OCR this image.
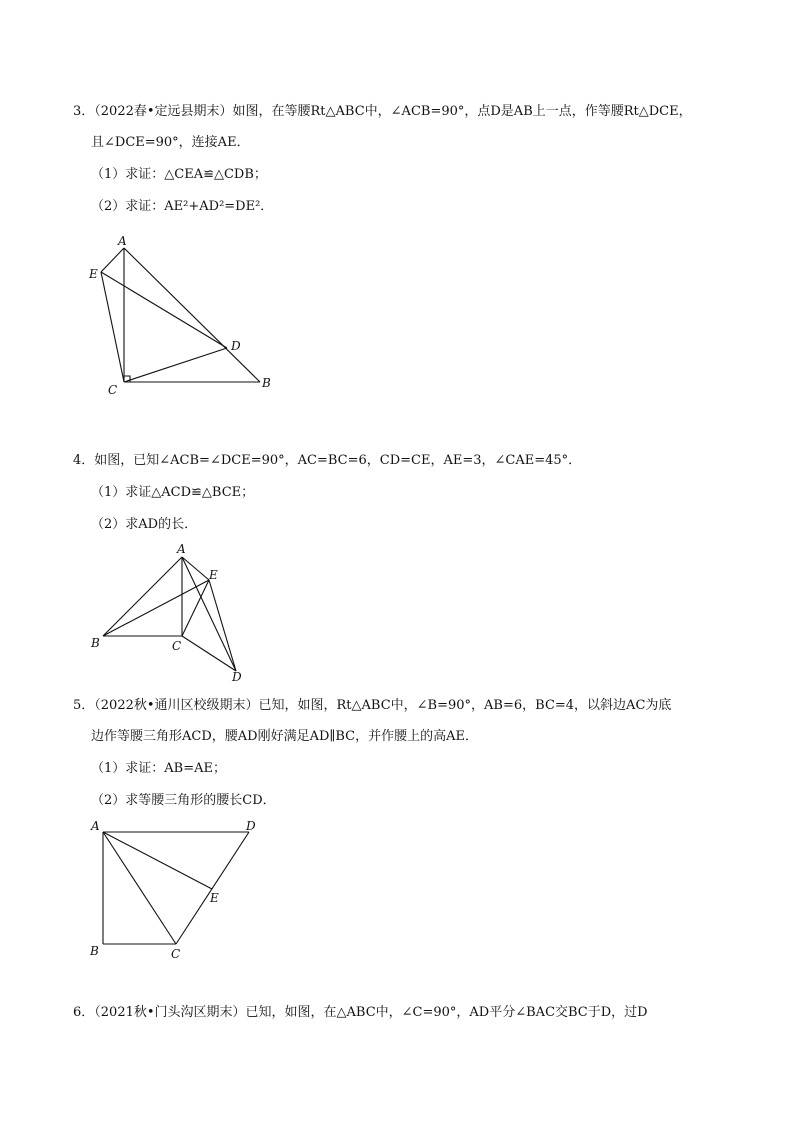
3．（2022春•定远县期末）如图，在等腰Rt△ABC中，∠ACB=90°，点D是AB上一点，作等腰Rt△DCE，
且∠DCE=90°，连接AE．
（1）求证：△CEA≌△CDB；
（2）求证：AE²+AD²=DE²．
A
E
D
C	B
4．如图，已知∠ACB=∠DCE=90°，AC=BC=6，CD=CE，AE=3，∠CAE=45°．
（1）求证△ACD≌△BCE；
（2）求AD的长．
A
E
B	C
D
5．（2022秋•通川区校级期末）已知，如图，Rt△ABC中，∠B=90°，AB=6，BC=4，以斜边AC为底
边作等腰三角形ACD，腰AD刚好满足AD∥BC，并作腰上的高AE．
（1）求证：AB=AE；
（2）求等腰三角形的腰长CD．
A	D
E
B	C
6．（2021秋•门头沟区期末）已知，如图，在△ABC中，∠C=90°，AD平分∠BAC交BC于D，过D
